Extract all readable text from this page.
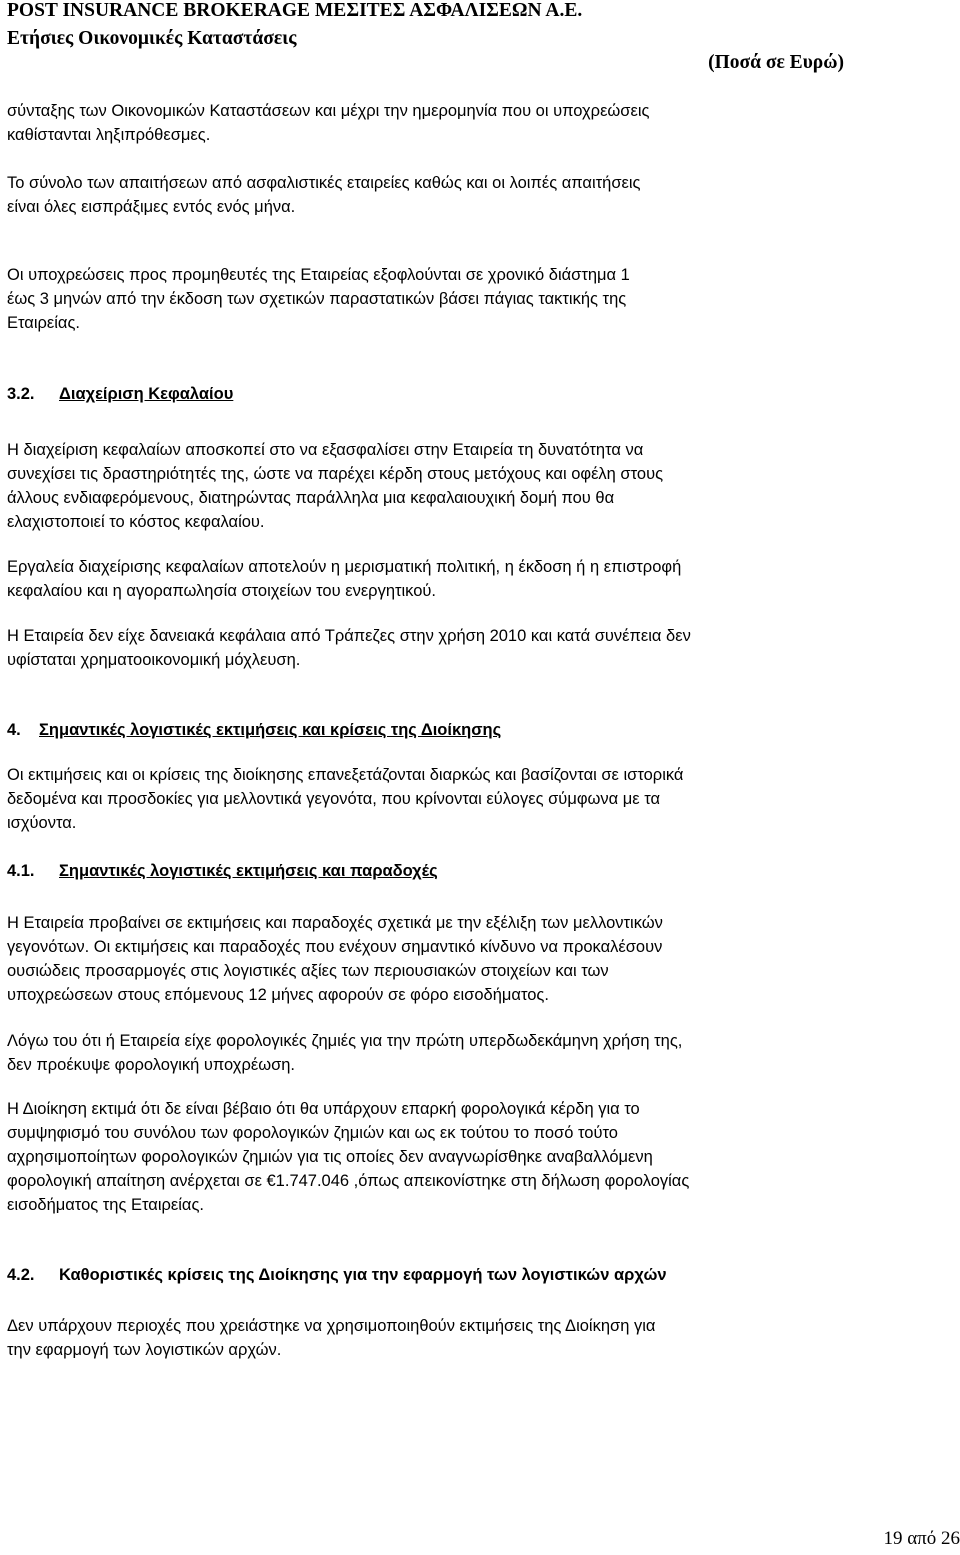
POST INSURANCE BROKERAGE ΜΕΣΙΤΕΣ ΑΣΦΑΛΙΣΕΩΝ Α.Ε.
Ετήσιες Οικονομικές Καταστάσεις
(Ποσά σε Ευρώ)

σύνταξης των Οικονομικών Καταστάσεων και μέχρι την ημερομηνία που οι υποχρεώσεις

καθίστανται ληξιπρόθεσμες.

Το σύνολο των απαιτήσεων από ασφαλιστικές εταιρείες καθώς και οι λοιπές απαιτήσεις

είναι όλες εισπράξιμες εντός ενός μήνα.

Οι υποχρεώσεις προς προμηθευτές της Εταιρείας εξοφλούνται σε χρονικό διάστημα 1

έως 3 μηνών από την έκδοση των σχετικών παραστατικών βάσει πάγιας τακτικής της

Εταιρείας.

3.2. Διαχείριση Κεφαλαίου

Η διαχείριση κεφαλαίων αποσκοπεί στο να εξασφαλίσει στην Εταιρεία τη δυνατότητα να

συνεχίσει τις δραστηριότητές της, ώστε να παρέχει κέρδη στους μετόχους και οφέλη στους

άλλους ενδιαφερόμενους, διατηρώντας παράλληλα μια κεφαλαιουχική δομή που θα

ελαχιστοποιεί το κόστος κεφαλαίου.

Εργαλεία διαχείρισης κεφαλαίων αποτελούν η μερισματική πολιτική, η έκδοση ή η επιστροφή

κεφαλαίου και η αγοραπωλησία στοιχείων του ενεργητικού.

Η Εταιρεία δεν είχε δανειακά κεφάλαια από Τράπεζες στην χρήση 2010 και κατά συνέπεια δεν

υφίσταται χρηματοοικονομική μόχλευση.

4. Σημαντικές λογιστικές εκτιμήσεις και κρίσεις της Διοίκησης

Οι εκτιμήσεις και οι κρίσεις της διοίκησης επανεξετάζονται διαρκώς και βασίζονται σε ιστορικά

δεδομένα και προσδοκίες για μελλοντικά γεγονότα, που κρίνονται εύλογες σύμφωνα με τα

ισχύοντα.

4.1. Σημαντικές λογιστικές εκτιμήσεις και παραδοχές

Η Εταιρεία προβαίνει σε εκτιμήσεις και παραδοχές σχετικά με την εξέλιξη των μελλοντικών

γεγονότων. Οι εκτιμήσεις και παραδοχές που ενέχουν σημαντικό κίνδυνο να προκαλέσουν

ουσιώδεις προσαρμογές στις λογιστικές αξίες των περιουσιακών στοιχείων και των

υποχρεώσεων στους επόμενους 12 μήνες αφορούν σε φόρο εισοδήματος.

Λόγω του ότι ή Εταιρεία είχε φορολογικές ζημιές για την πρώτη υπερδωδεκάμηνη χρήση της,

δεν προέκυψε φορολογική υποχρέωση.

Η Διοίκηση εκτιμά ότι δε είναι βέβαιο ότι θα υπάρχουν επαρκή φορολογικά κέρδη για το

συμψηφισμό του συνόλου των φορολογικών ζημιών και ως εκ τούτου το ποσό τούτο

αχρησιμοποίητων φορολογικών ζημιών για τις οποίες δεν αναγνωρίσθηκε αναβαλλόμενη

φορολογική απαίτηση ανέρχεται σε €1.747.046 ,όπως απεικονίστηκε στη δήλωση φορολογίας

εισοδήματος της Εταιρείας.

4.2. Καθοριστικές κρίσεις της Διοίκησης για την εφαρμογή των λογιστικών αρχών

Δεν υπάρχουν περιοχές που χρειάστηκε να χρησιμοποιηθούν εκτιμήσεις της Διοίκηση για

την εφαρμογή των λογιστικών αρχών.

19 από 26
